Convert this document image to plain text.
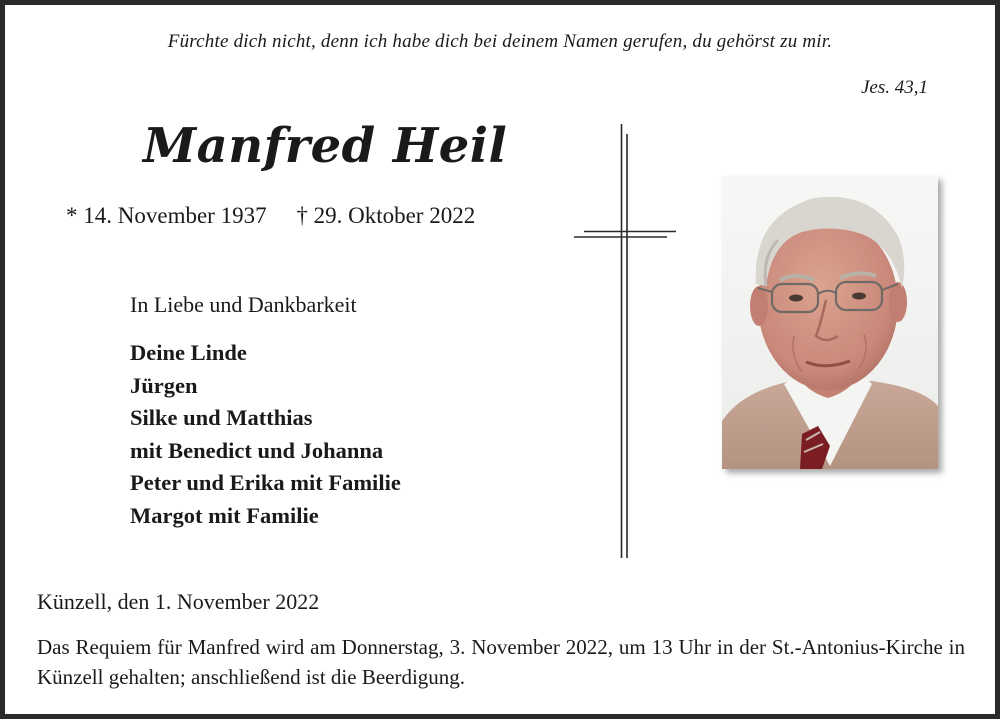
Fürchte dich nicht, denn ich habe dich bei deinem Namen gerufen, du gehörst zu mir.
Jes. 43,1
Manfred Heil
* 14. November 1937 † 29. Oktober 2022
In Liebe und Dankbarkeit
Deine Linde
Jürgen
Silke und Matthias
mit Benedict und Johanna
Peter und Erika mit Familie
Margot mit Familie
Künzell, den 1. November 2022
Das Requiem für Manfred wird am Donnerstag, 3. November 2022, um 13 Uhr in der St.-Antonius-Kirche in Künzell gehalten; anschließend ist die Beerdigung.
